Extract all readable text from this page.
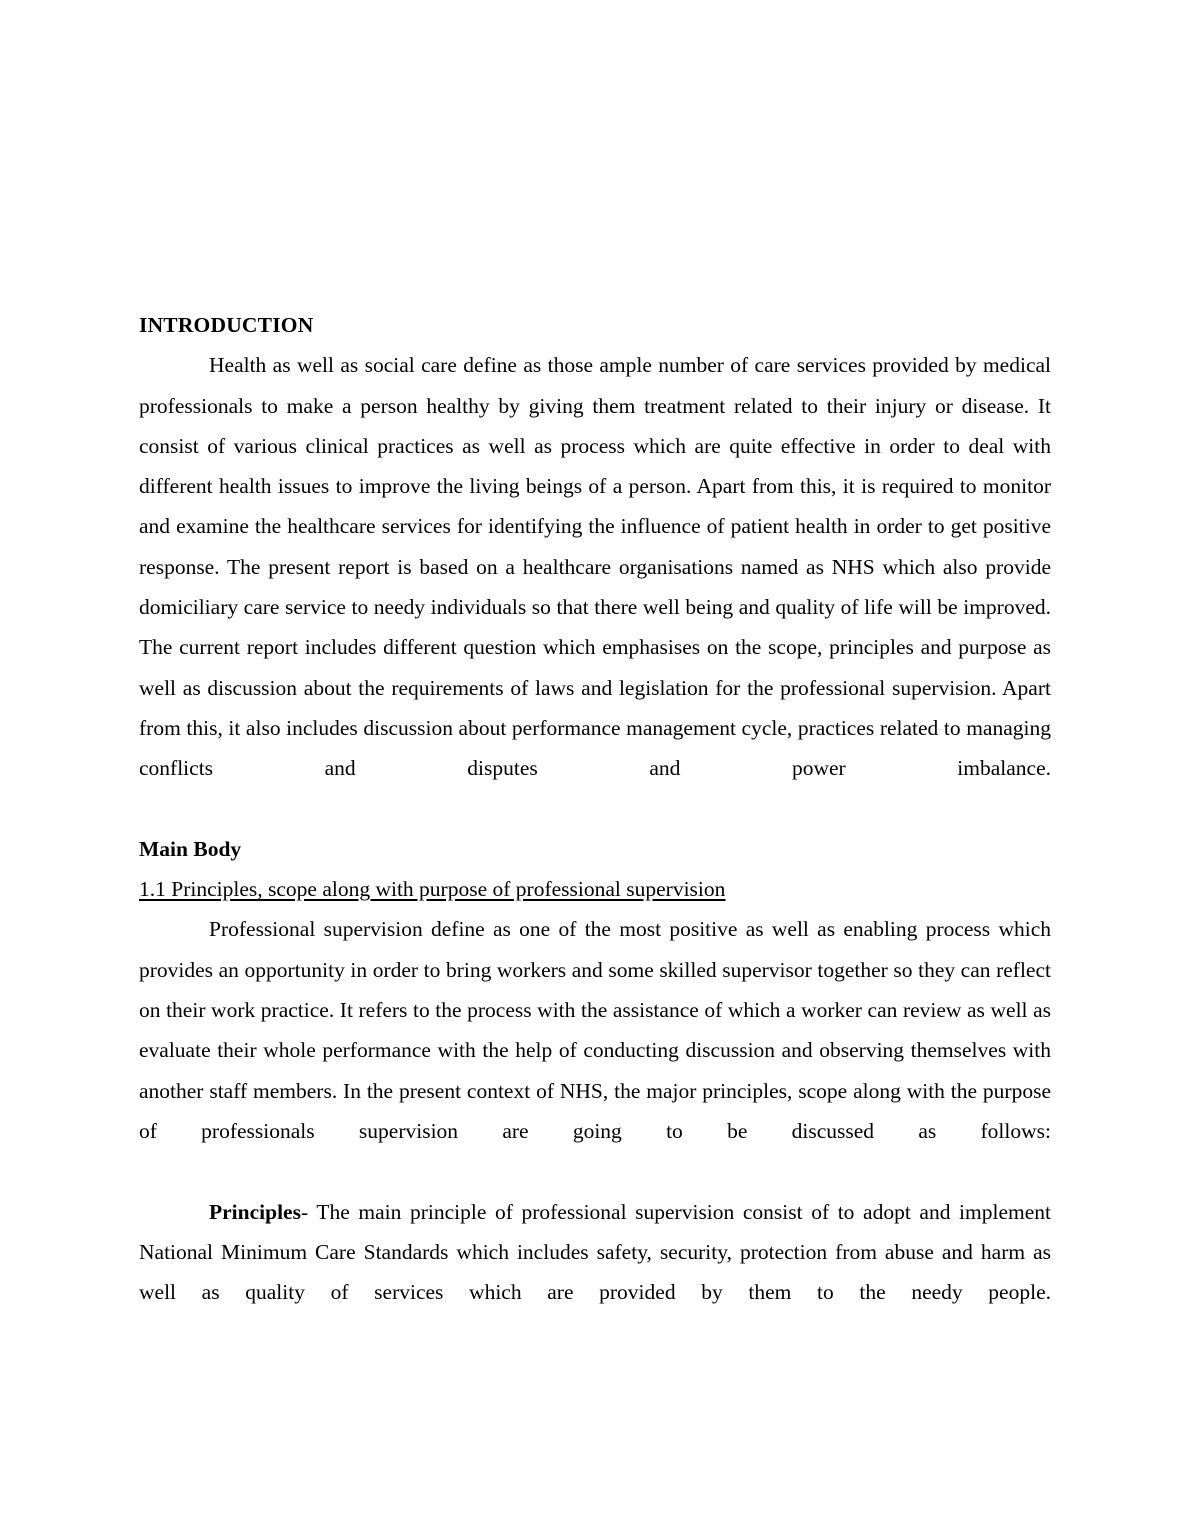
INTRODUCTION

Health as well as social care define as those ample number of care services provided by medical professionals to make a person healthy by giving them treatment related to their injury or disease. It consist of various clinical practices as well as process which are quite effective in order to deal with different health issues to improve the living beings of a person. Apart from this, it is required to monitor and examine the healthcare services for identifying the influence of patient health in order to get positive response. The present report is based on a healthcare organisations named as NHS which also provide domiciliary care service to needy individuals so that there well being and quality of life will be improved. The current report includes different question which emphasises on the scope, principles and purpose as well as discussion about the requirements of laws and legislation for the professional supervision. Apart from this, it also includes discussion about performance management cycle, practices related to managing conflicts and disputes and power imbalance.

Main Body
1.1 Principles, scope along with purpose of professional supervision

Professional supervision define as one of the most positive as well as enabling process which provides an opportunity in order to bring workers and some skilled supervisor together so they can reflect on their work practice. It refers to the process with the assistance of which a worker can review as well as evaluate their whole performance with the help of conducting discussion and observing themselves with another staff members. In the present context of NHS, the major principles, scope along with the purpose of professionals supervision are going to be discussed as follows:

Principles- The main principle of professional supervision consist of to adopt and implement National Minimum Care Standards which includes safety, security, protection from abuse and harm as well as quality of services which are provided by them to the needy people.
